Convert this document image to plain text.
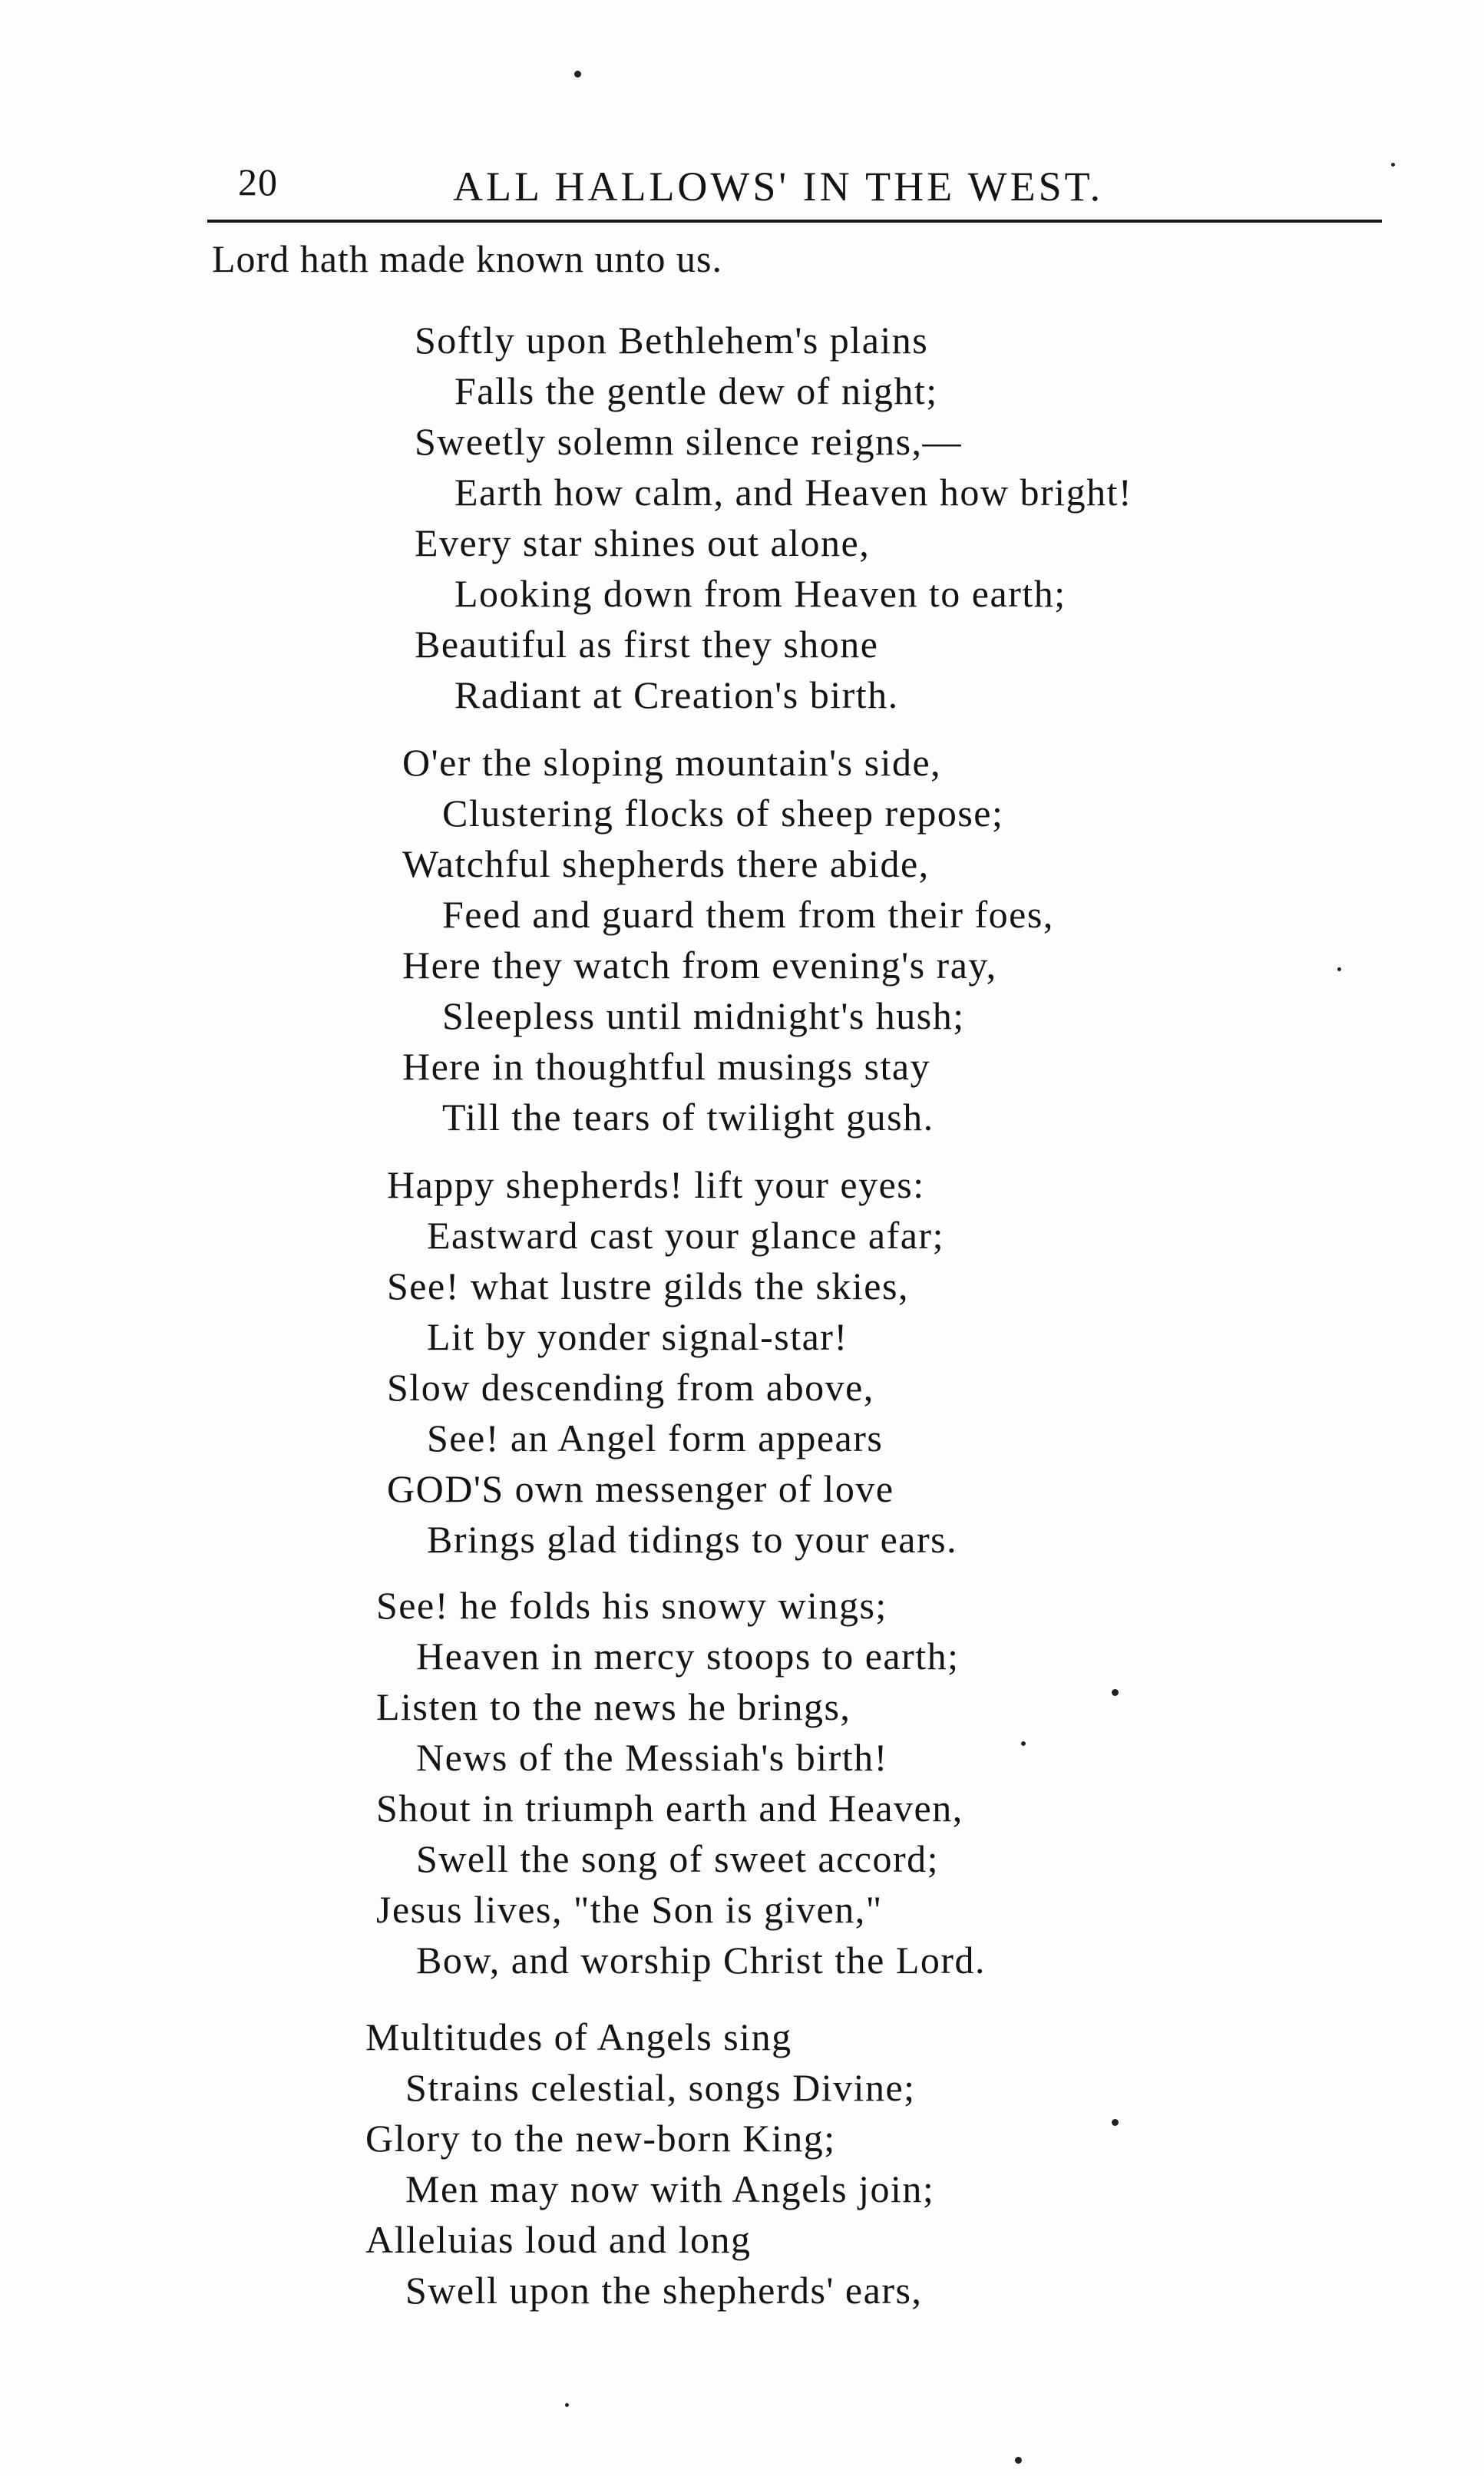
20	ALL HALLOWS' IN THE WEST.
Lord hath made known unto us.
Softly upon Bethlehem's plains
Falls the gentle dew of night;
Sweetly solemn silence reigns,—
Earth how calm, and Heaven how bright!
Every star shines out alone,
Looking down from Heaven to earth;
Beautiful as first they shone
Radiant at Creation's birth.
O'er the sloping mountain's side,
Clustering flocks of sheep repose;
Watchful shepherds there abide,
Feed and guard them from their foes,
Here they watch from evening's ray,
Sleepless until midnight's hush;
Here in thoughtful musings stay
Till the tears of twilight gush.
Happy shepherds! lift your eyes:
Eastward cast your glance afar;
See! what lustre gilds the skies,
Lit by yonder signal-star!
Slow descending from above,
See! an Angel form appears
GOD'S own messenger of love
Brings glad tidings to your ears.
See! he folds his snowy wings;
Heaven in mercy stoops to earth;
Listen to the news he brings,
News of the Messiah's birth!
Shout in triumph earth and Heaven,
Swell the song of sweet accord;
Jesus lives, "the Son is given,"
Bow, and worship Christ the Lord.
Multitudes of Angels sing
Strains celestial, songs Divine;
Glory to the new-born King;
Men may now with Angels join;
Alleluias loud and long
Swell upon the shepherds' ears,
